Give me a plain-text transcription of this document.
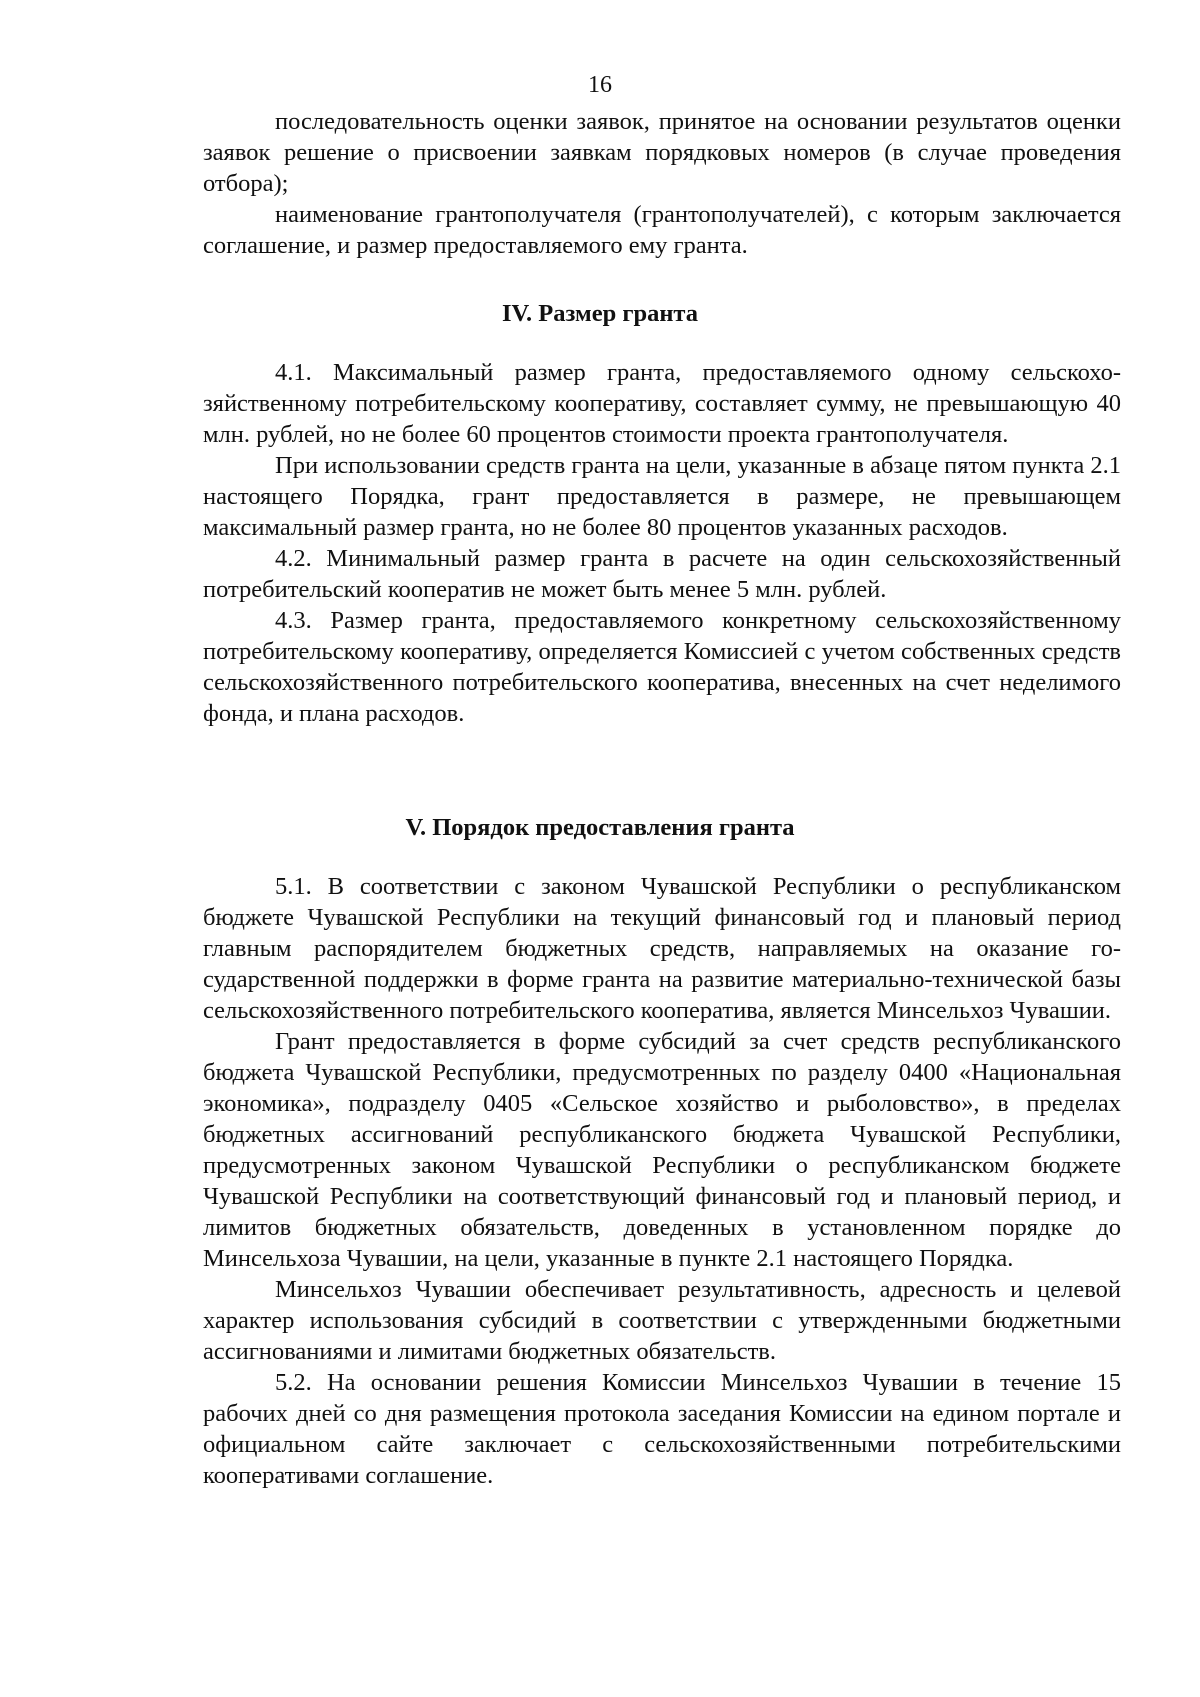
16

последовательность оценки заявок, принятое на основании результатов оценки заявок решение о присвоении заявкам порядковых номеров (в случае проведения отбора);

наименование грантополучателя (грантополучателей), с которым заключается соглашение, и размер предоставляемого ему гранта.

IV. Размер гранта

4.1. Максимальный размер гранта, предоставляемого одному сельскохозяйственному потребительскому кооперативу, составляет сумму, не превышающую 40 млн. рублей, но не более 60 процентов стоимости проекта грантополучателя.

При использовании средств гранта на цели, указанные в абзаце пятом пункта 2.1 настоящего Порядка, грант предоставляется в размере, не превышающем максимальный размер гранта, но не более 80 процентов указанных расходов.

4.2. Минимальный размер гранта в расчете на один сельскохозяйственный потребительский кооператив не может быть менее 5 млн. рублей.

4.3. Размер гранта, предоставляемого конкретному сельскохозяйственному потребительскому кооперативу, определяется Комиссией с учетом собственных средств сельскохозяйственного потребительского кооператива, внесенных на счет неделимого фонда, и плана расходов.

V. Порядок предоставления гранта

5.1. В соответствии с законом Чувашской Республики о республиканском бюджете Чувашской Республики на текущий финансовый год и плановый период главным распорядителем бюджетных средств, направляемых на оказание государственной поддержки в форме гранта на развитие материально-технической базы сельскохозяйственного потребительского кооператива, является Минсельхоз Чувашии.

Грант предоставляется в форме субсидий за счет средств республиканского бюджета Чувашской Республики, предусмотренных по разделу 0400 «Национальная экономика», подразделу 0405 «Сельское хозяйство и рыболовство», в пределах бюджетных ассигнований республиканского бюджета Чувашской Республики, предусмотренных законом Чувашской Республики о республиканском бюджете Чувашской Республики на соответствующий финансовый год и плановый период, и лимитов бюджетных обязательств, доведенных в установленном порядке до Минсельхоза Чувашии, на цели, указанные в пункте 2.1 настоящего Порядка.

Минсельхоз Чувашии обеспечивает результативность, адресность и целевой характер использования субсидий в соответствии с утвержденными бюджетными ассигнованиями и лимитами бюджетных обязательств.

5.2. На основании решения Комиссии Минсельхоз Чувашии в течение 15 рабочих дней со дня размещения протокола заседания Комиссии на едином портале и официальном сайте заключает с сельскохозяйственными потребительскими кооперативами соглашение.
